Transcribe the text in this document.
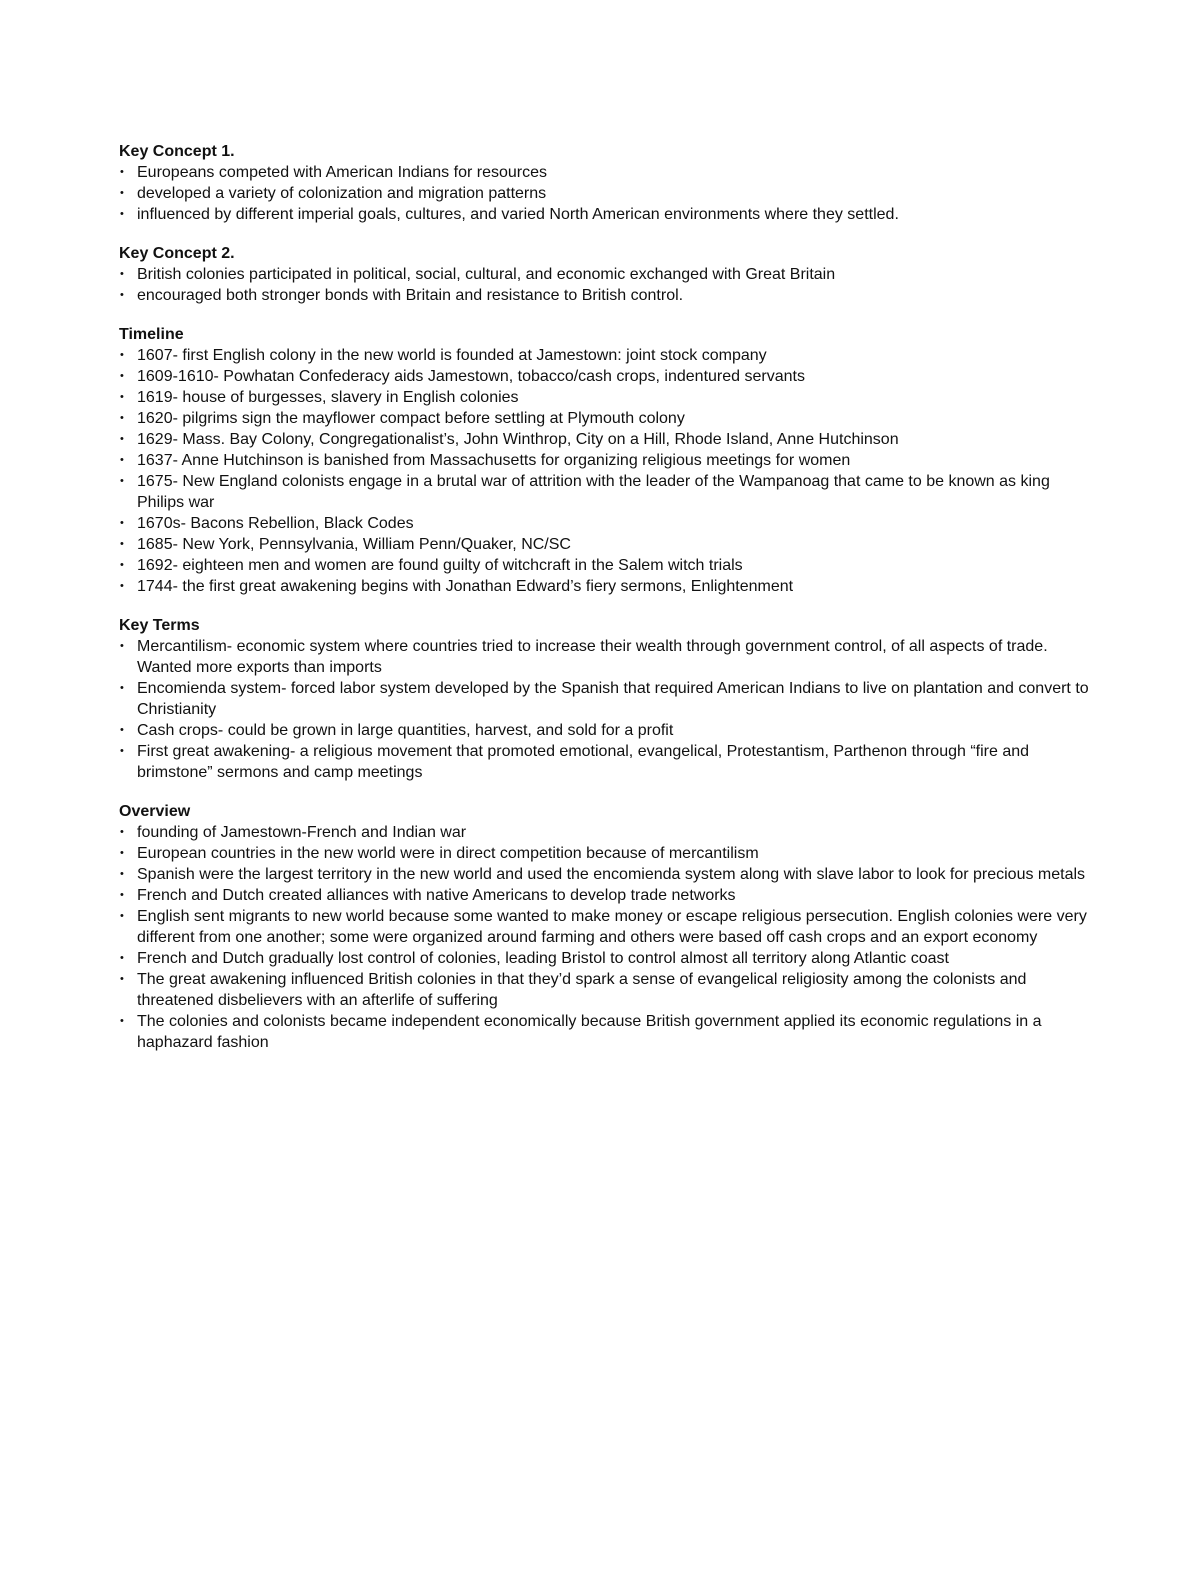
Key Concept 1.
• Europeans competed with American Indians for resources
• developed a variety of colonization and migration patterns
• influenced by different imperial goals, cultures, and varied North American environments where they settled.
Key Concept 2.
• British colonies participated in political, social, cultural, and economic exchanged with Great Britain
• encouraged both stronger bonds with Britain and resistance to British control.
Timeline
• 1607- first English colony in the new world is founded at Jamestown: joint stock company
• 1609-1610- Powhatan Confederacy aids Jamestown, tobacco/cash crops, indentured servants
• 1619- house of burgesses, slavery in English colonies
• 1620- pilgrims sign the mayflower compact before settling at Plymouth colony
• 1629- Mass. Bay Colony, Congregationalist’s, John Winthrop, City on a Hill, Rhode Island, Anne Hutchinson
• 1637- Anne Hutchinson is banished from Massachusetts for organizing religious meetings for women
• 1675- New England colonists engage in a brutal war of attrition with the leader of the Wampanoag that came to be known as king Philips war
• 1670s- Bacons Rebellion, Black Codes
• 1685- New York, Pennsylvania, William Penn/Quaker, NC/SC
• 1692- eighteen men and women are found guilty of witchcraft in the Salem witch trials
• 1744- the first great awakening begins with Jonathan Edward’s fiery sermons, Enlightenment
Key Terms
• Mercantilism- economic system where countries tried to increase their wealth through government control, of all aspects of trade. Wanted more exports than imports
• Encomienda system- forced labor system developed by the Spanish that required American Indians to live on plantation and convert to Christianity
• Cash crops- could be grown in large quantities, harvest, and sold for a profit
• First great awakening- a religious movement that promoted emotional, evangelical, Protestantism, Parthenon through “fire and brimstone” sermons and camp meetings
Overview
• founding of Jamestown-French and Indian war
• European countries in the new world were in direct competition because of mercantilism
• Spanish were the largest territory in the new world and used the encomienda system along with slave labor to look for precious metals
• French and Dutch created alliances with native Americans to develop trade networks
• English sent migrants to new world because some wanted to make money or escape religious persecution. English colonies were very different from one another; some were organized around farming and others were based off cash crops and an export economy
• French and Dutch gradually lost control of colonies, leading Bristol to control almost all territory along Atlantic coast
• The great awakening influenced British colonies in that they’d spark a sense of evangelical religiosity among the colonists and threatened disbelievers with an afterlife of suffering
• The colonies and colonists became independent economically because British government applied its economic regulations in a haphazard fashion
